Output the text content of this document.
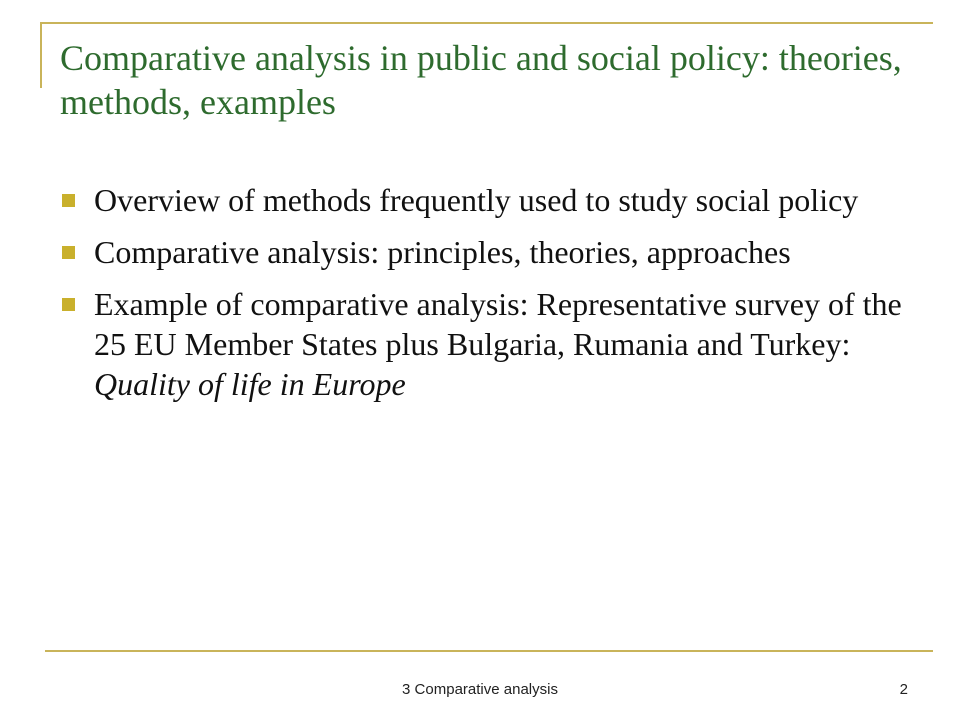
Comparative analysis in public and social policy: theories, methods, examples
Overview of methods frequently used to study social policy
Comparative analysis: principles, theories, approaches
Example of comparative analysis: Representative survey of the 25 EU Member States plus Bulgaria, Rumania and Turkey: Quality of life in Europe
3 Comparative analysis	2
